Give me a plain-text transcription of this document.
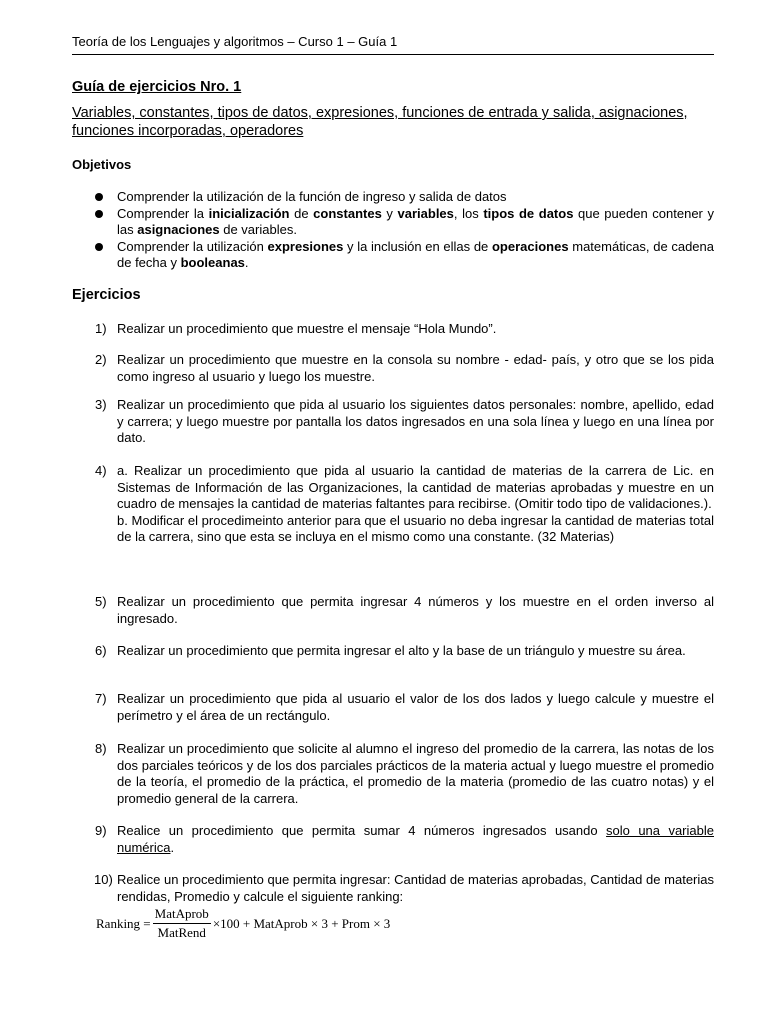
Teoría de los Lenguajes y algoritmos – Curso 1 – Guía 1
Guía de ejercicios Nro. 1
Variables, constantes, tipos de datos, expresiones, funciones de entrada y salida, asignaciones, funciones incorporadas, operadores
Objetivos
Comprender la utilización de la función de ingreso y salida de datos
Comprender la inicialización de constantes y variables, los tipos de datos que pueden contener y las asignaciones de variables.
Comprender la utilización expresiones y la inclusión en ellas de operaciones matemáticas, de cadena de fecha y booleanas.
Ejercicios
1) Realizar un procedimiento que muestre el mensaje “Hola Mundo”.
2) Realizar un procedimiento que muestre en la consola su nombre - edad- país, y otro que se los pida como ingreso al usuario y luego los muestre.
3) Realizar un procedimiento que pida al usuario los siguientes datos personales: nombre, apellido, edad y carrera; y luego muestre por pantalla los datos ingresados en una sola línea y luego en una línea por dato.
4) a. Realizar un procedimiento que pida al usuario la cantidad de materias de la carrera de Lic. en Sistemas de Información de las Organizaciones, la cantidad de materias aprobadas y muestre en un cuadro de mensajes la cantidad de materias faltantes para recibirse. (Omitir todo tipo de validaciones.).

b. Modificar el procedimeinto anterior para que el usuario no deba ingresar la cantidad de materias total de la carrera, sino que esta se incluya en el mismo como una constante. (32 Materias)

5) Realizar un procedimiento que permita ingresar 4 números y los muestre en el orden inverso al ingresado.
6) Realizar un procedimiento que permita ingresar el alto y la base de un triángulo y muestre su área.
7) Realizar un procedimiento que pida al usuario el valor de los dos lados y luego calcule y muestre el perímetro y el área de un rectángulo.
8) Realizar un procedimiento que solicite al alumno el ingreso del promedio de la carrera, las notas de los dos parciales teóricos y de los dos parciales prácticos de la materia actual y luego muestre el promedio de la teoría, el promedio de la práctica, el promedio de la materia (promedio de las cuatro notas) y el promedio general de la carrera.
9) Realice un procedimiento que permita sumar 4 números ingresados usando solo una variable numérica.
10) Realice un procedimiento que permita ingresar: Cantidad de materias aprobadas, Cantidad de materias rendidas, Promedio y calcule el siguiente ranking:
Ranking = $\frac{\text{MatAprob}}{\text{MatRend}} \times 100$ + MatAprob × 3 + Prom × 3
